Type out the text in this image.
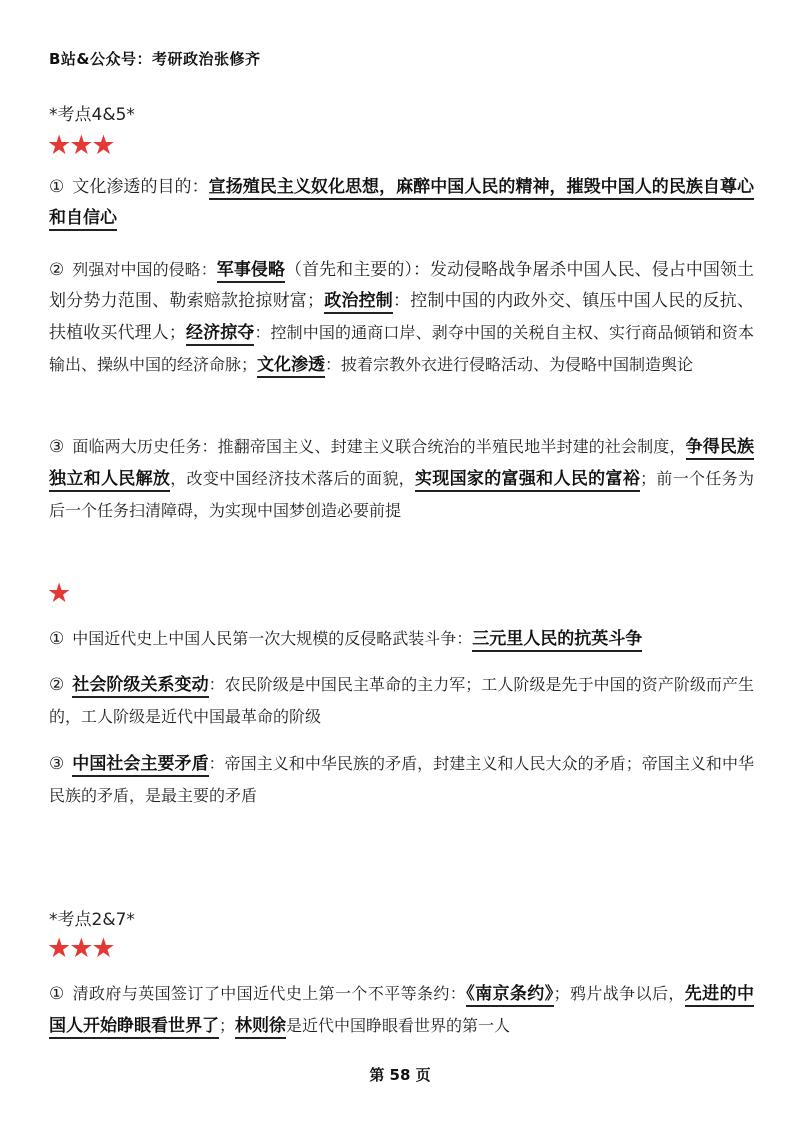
B站&公众号：考研政治张修齐
*考点4&5*
★★★
① 文化渗透的目的：宣扬殖民主义奴化思想，麻醉中国人民的精神，摧毁中国人的民族自尊心和自信心
② 列强对中国的侵略：军事侵略（首先和主要的）：发动侵略战争屠杀中国人民、侵占中国领土划分势力范围、勒索赔款抢掠财富；政治控制：控制中国的内政外交、镇压中国人民的反抗、扶植收买代理人；经济掠夺：控制中国的通商口岸、剥夺中国的关税自主权、实行商品倾销和资本输出、操纵中国的经济命脉；文化渗透：披着宗教外衣进行侵略活动、为侵略中国制造舆论
③ 面临两大历史任务：推翻帝国主义、封建主义联合统治的半殖民地半封建的社会制度，争得民族独立和人民解放，改变中国经济技术落后的面貌，实现国家的富强和人民的富裕；前一个任务为后一个任务扫清障碍，为实现中国梦创造必要前提
★
① 中国近代史上中国人民第一次大规模的反侵略武装斗争：三元里人民的抗英斗争
② 社会阶级关系变动：农民阶级是中国民主革命的主力军；工人阶级是先于中国的资产阶级而产生的，工人阶级是近代中国最革命的阶级
③ 中国社会主要矛盾：帝国主义和中华民族的矛盾，封建主义和人民大众的矛盾；帝国主义和中华民族的矛盾，是最主要的矛盾
*考点2&7*
★★★
① 清政府与英国签订了中国近代史上第一个不平等条约：《南京条约》；鸦片战争以后，先进的中国人开始睁眼看世界了；林则徐是近代中国睁眼看世界的第一人
第 58 页
